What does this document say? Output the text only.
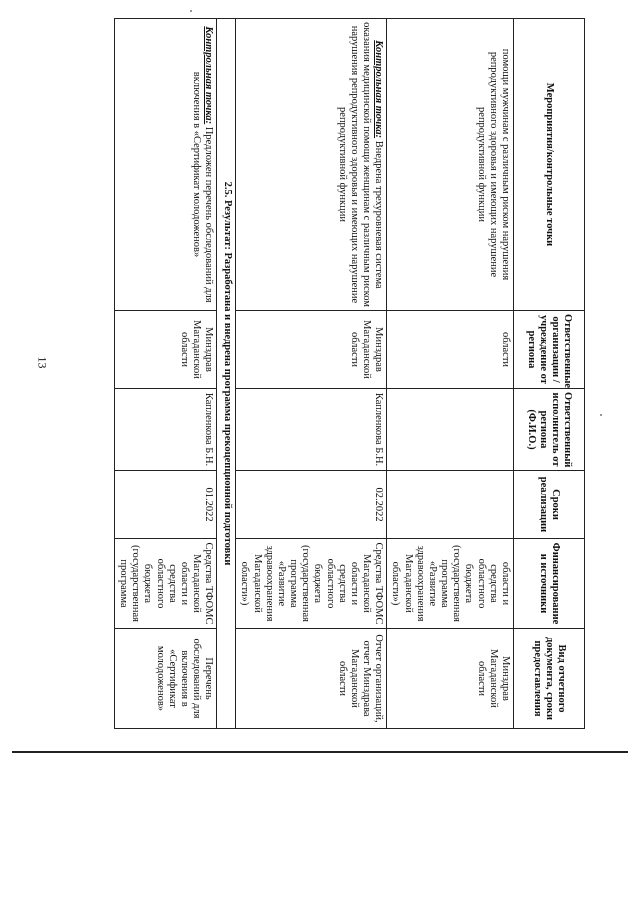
13
Мероприятия/контрольные точки	Ответственные организации / учреждение от региона	Ответственный исполнитель от региона (Ф.И.О.)	Сроки реализации	Финансирование и источники	Вид отчетного документа, сроки предоставления
помощи мужчинам с различным риском нарушения репродуктивного здоровья и имеющих нарушение репродуктивной функции	области			области и средства областного бюджета (государственная программа «Развитие здравоохранения Магаданской области»)	Минздрав Магаданской области
Контрольная точка: Внедрена трехуровневая система оказания медицинской помощи женщинам с различным риском нарушения репродуктивного здоровья и имеющих нарушение репродуктивной функции	Минздрав Магаданской области	Капленкова Б.Н.	02.2022	Средства ТФОМС Магаданской области и средства областного бюджета (государственная программа «Развитие здравоохранения Магаданской области»)	Отчет организаций, отчет Минздрава Магаданской области
2.5. Результат: Разработана и внедрена программа прекоцепционной подготовки					
Контрольная точка: Предложен перечень обследований для включения в «Сертификат молодоженов»	Минздрав Магаданской области	Капленкова Б.Н.	01.2022	Средства ТФОМС Магаданской области и средства областного бюджета (государственная программа	Перечень обследований для включения в «Сертификат молодоженов»
